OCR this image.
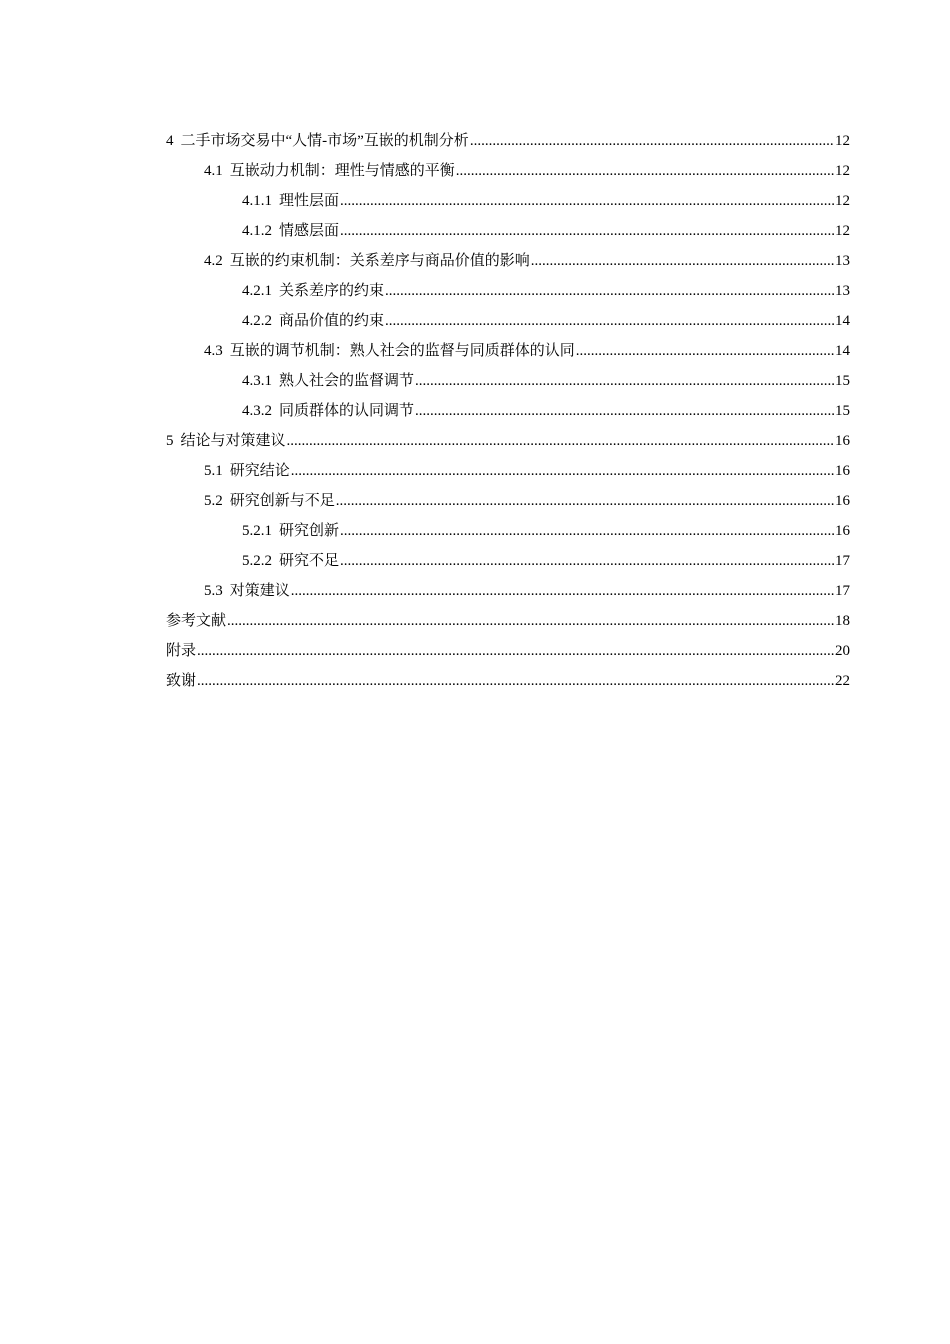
4 二手市场交易中“人情-市场”互嵌的机制分析 .....	12
4.1 互嵌动力机制：理性与情感的平衡 .....	12
4.1.1 理性层面 .....	12
4.1.2 情感层面 .....	12
4.2 互嵌的约束机制：关系差序与商品价值的影响 .....	13
4.2.1 关系差序的约束 .....	13
4.2.2 商品价值的约束 .....	14
4.3 互嵌的调节机制：熟人社会的监督与同质群体的认同 .....	14
4.3.1 熟人社会的监督调节 .....	15
4.3.2 同质群体的认同调节 .....	15
5 结论与对策建议 .....	16
5.1 研究结论 .....	16
5.2 研究创新与不足 .....	16
5.2.1 研究创新 .....	16
5.2.2 研究不足 .....	17
5.3 对策建议 .....	17
参考文献 .....	18
附录 .....	20
致谢 .....	22
